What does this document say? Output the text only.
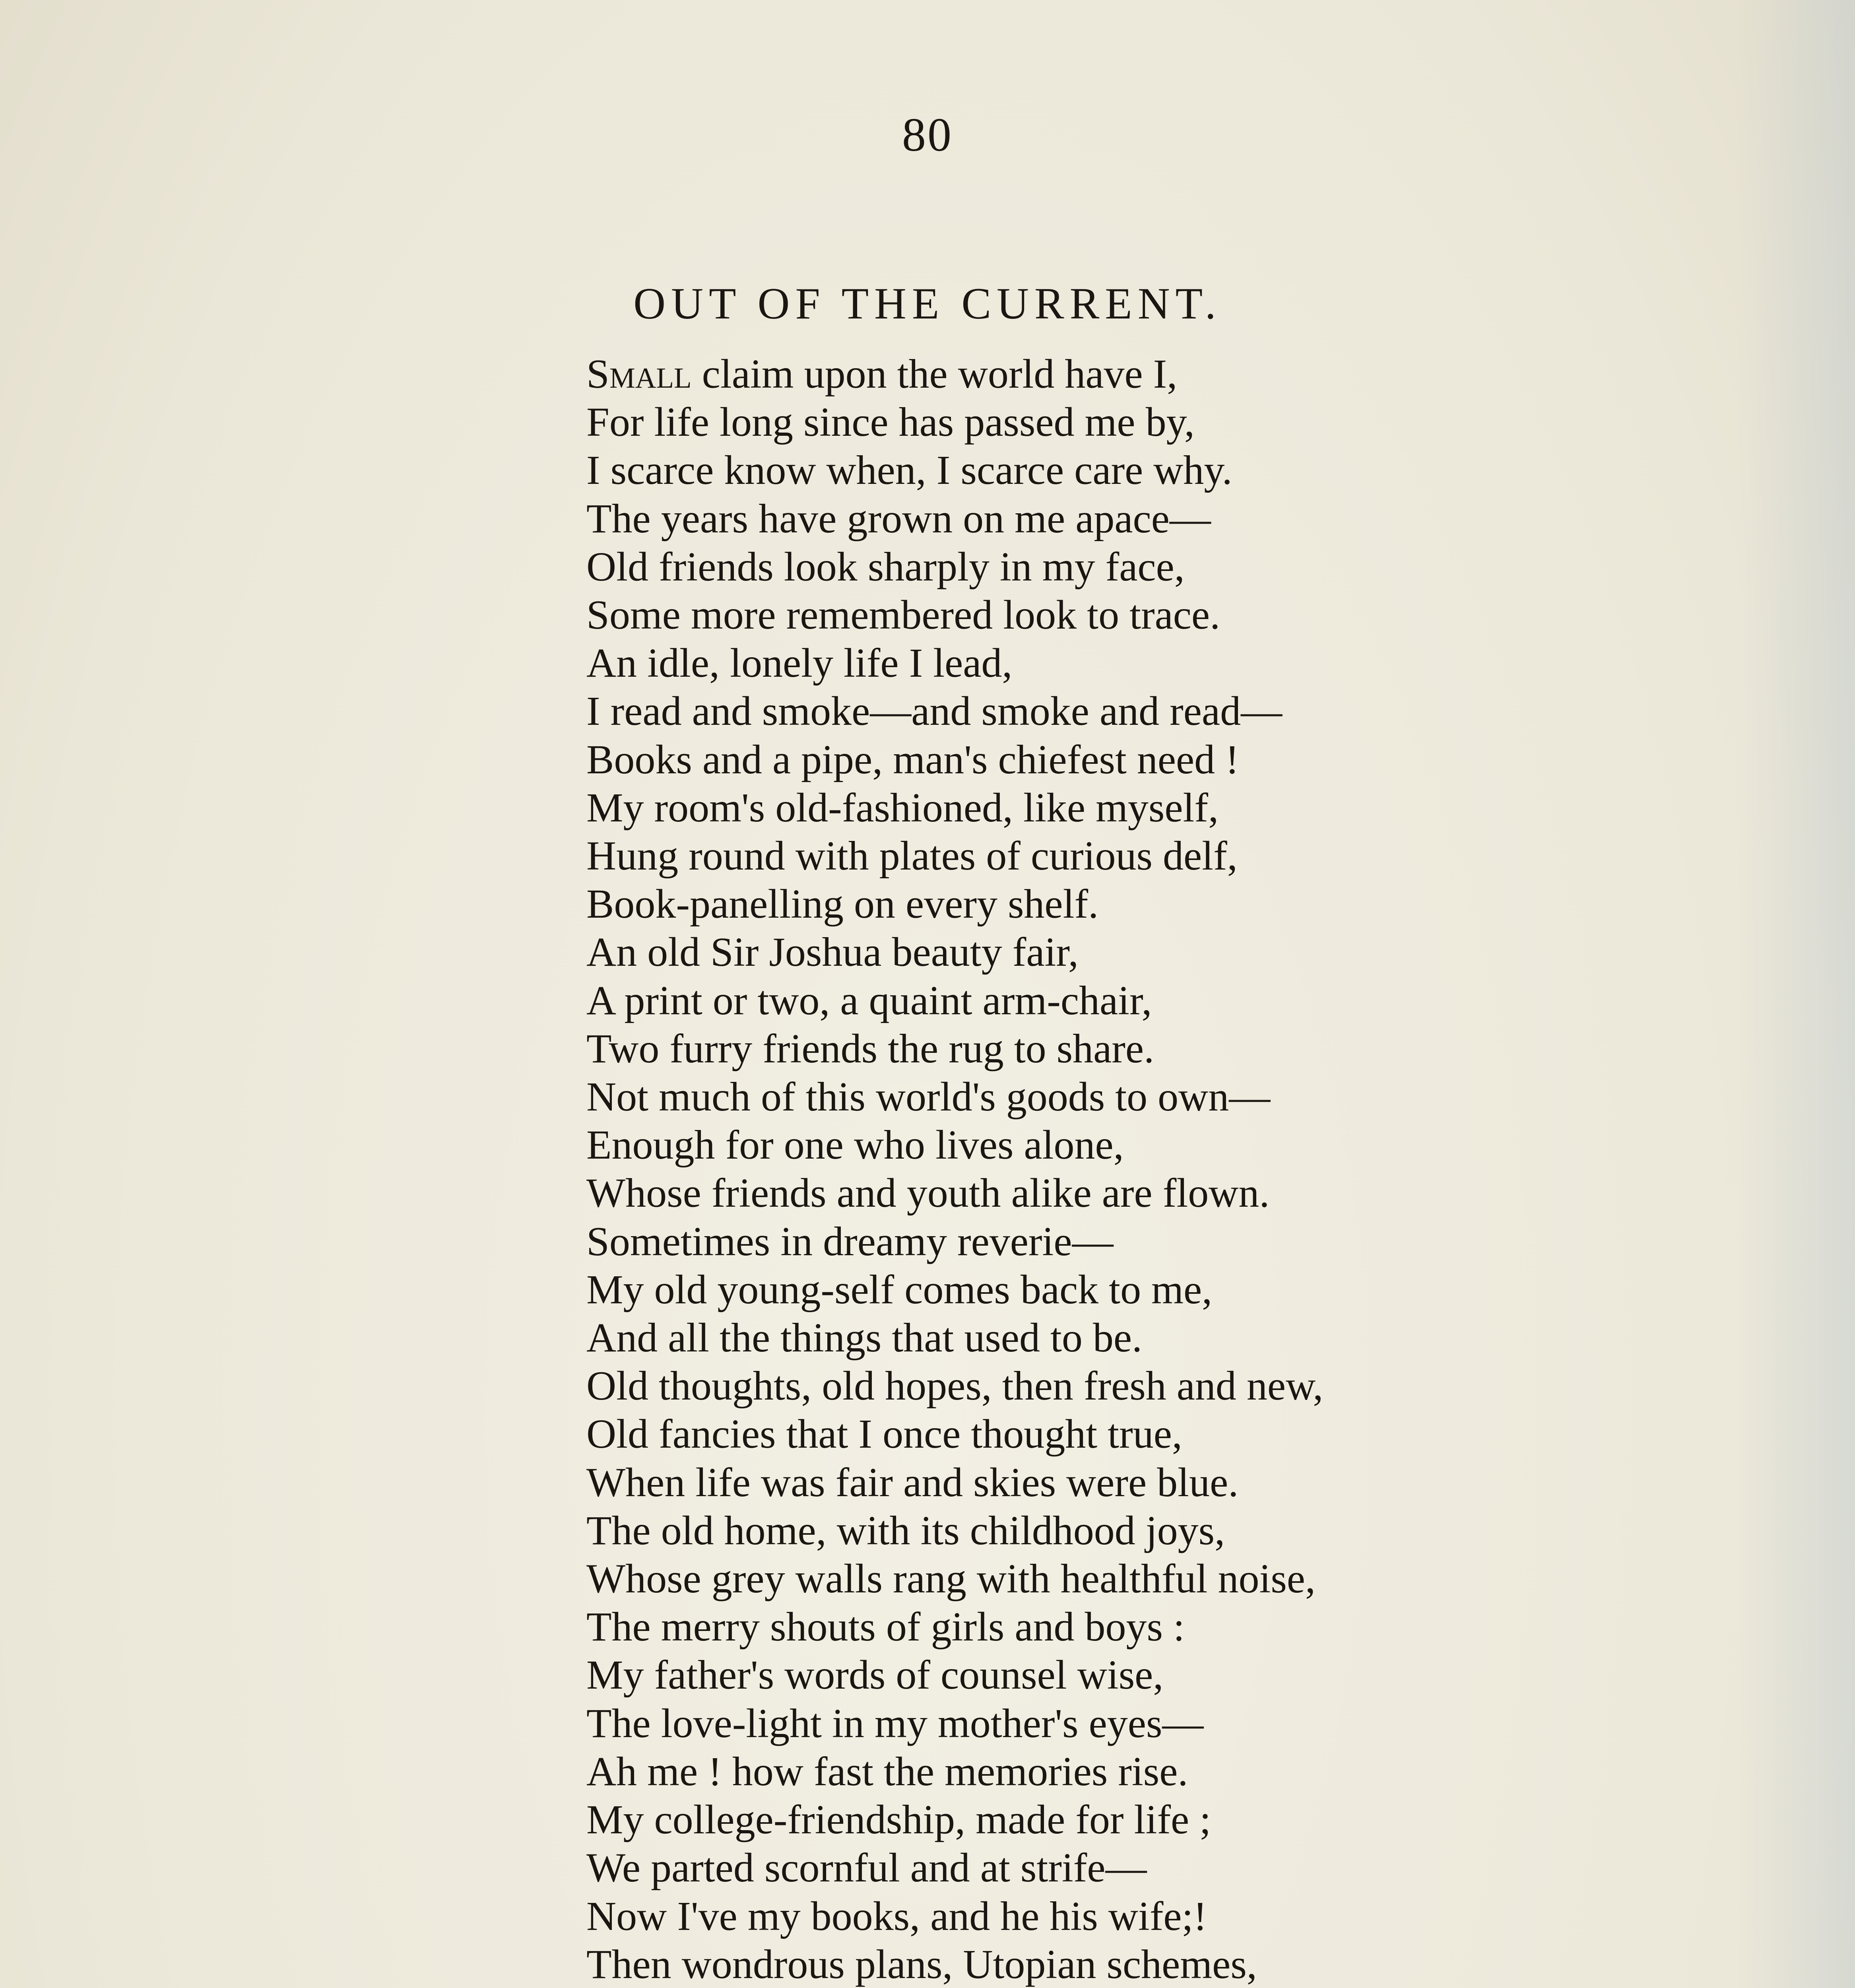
80
OUT OF THE CURRENT.
Small claim upon the world have I,
For life long since has passed me by,
I scarce know when, I scarce care why.
The years have grown on me apace—
Old friends look sharply in my face,
Some more remembered look to trace.
An idle, lonely life I lead,
I read and smoke—and smoke and read—
Books and a pipe, man's chiefest need !
My room's old-fashioned, like myself,
Hung round with plates of curious delf,
Book-panelling on every shelf.
An old Sir Joshua beauty fair,
A print or two, a quaint arm-chair,
Two furry friends the rug to share.
Not much of this world's goods to own—
Enough for one who lives alone,
Whose friends and youth alike are flown.
Sometimes in dreamy reverie—
My old young-self comes back to me,
And all the things that used to be.
Old thoughts, old hopes, then fresh and new,
Old fancies that I once thought true,
When life was fair and skies were blue.
The old home, with its childhood joys,
Whose grey walls rang with healthful noise,
The merry shouts of girls and boys :
My father's words of counsel wise,
The love-light in my mother's eyes—
Ah me ! how fast the memories rise.
My college-friendship, made for life ;
We parted scornful and at strife—
Now I've my books, and he his wife;!
Then wondrous plans, Utopian schemes,
